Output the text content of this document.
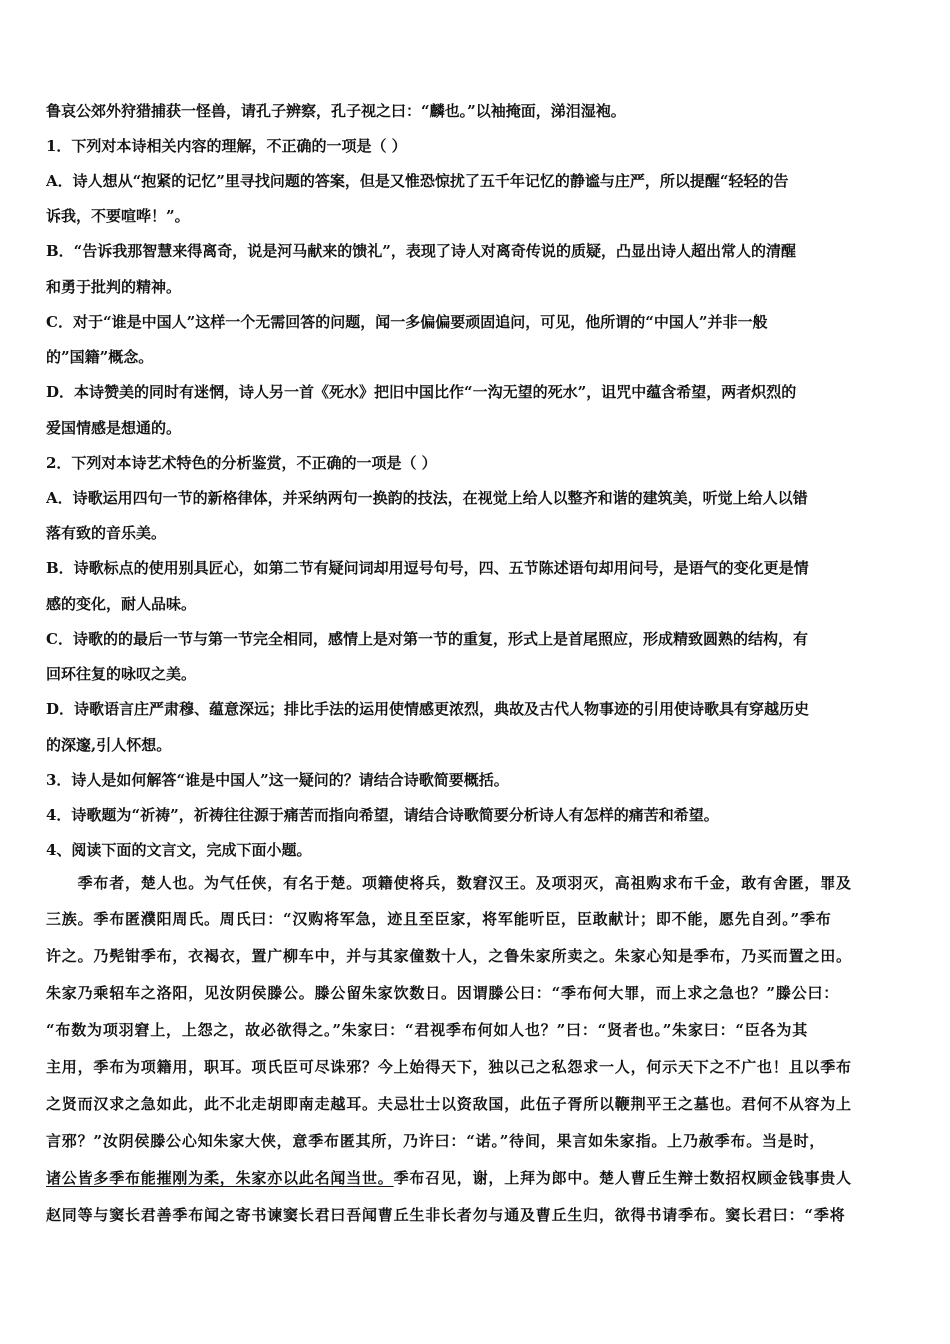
鲁哀公郊外狩猎捕获一怪兽，请孔子辨察，孔子视之曰：“麟也。”以袖掩面，涕泪湿袍。
1．下列对本诗相关内容的理解，不正确的一项是（ ）
A．诗人想从“抱紧的记忆”里寻找问题的答案，但是又惟恐惊扰了五千年记忆的静谧与庄严，所以提醒“轻轻的告
诉我，不要喧哗！”。
B．“告诉我那智慧来得离奇，说是河马献来的馈礼”，表现了诗人对离奇传说的质疑，凸显出诗人超出常人的清醒
和勇于批判的精神。
C．对于“谁是中国人”这样一个无需回答的问题，闻一多偏偏要顽固追问，可见，他所谓的“中国人”并非一般
的”国籍”概念。
D．本诗赞美的同时有迷惘，诗人另一首《死水》把旧中国比作“一沟无望的死水”，诅咒中蕴含希望，两者炽烈的
爱国情感是想通的。
2．下列对本诗艺术特色的分析鉴赏，不正确的一项是（ ）
A．诗歌运用四句一节的新格律体，并采纳两句一换韵的技法，在视觉上给人以整齐和谐的建筑美，听觉上给人以错
落有致的音乐美。
B．诗歌标点的使用别具匠心，如第二节有疑问词却用逗号句号，四、五节陈述语句却用问号，是语气的变化更是情
感的变化，耐人品味。
C．诗歌的的最后一节与第一节完全相同，感情上是对第一节的重复，形式上是首尾照应，形成精致圆熟的结构，有
回环往复的咏叹之美。
D．诗歌语言庄严肃穆、蕴意深远；排比手法的运用使情感更浓烈，典故及古代人物事迹的引用使诗歌具有穿越历史
的深邃,引人怀想。
3．诗人是如何解答“谁是中国人”这一疑问的？请结合诗歌简要概括。
4．诗歌题为“祈祷”，祈祷往往源于痛苦而指向希望，请结合诗歌简要分析诗人有怎样的痛苦和希望。
4、阅读下面的文言文，完成下面小题。
　　季布者，楚人也。为气任侠，有名于楚。项籍使将兵，数窘汉王。及项羽灭，高祖购求布千金，敢有舍匿，罪及
三族。季布匿濮阳周氏。周氏曰：“汉购将军急，迹且至臣家，将军能听臣，臣敢献计；即不能，愿先自刭。”季布
许之。乃髡钳季布，衣褐衣，置广柳车中，并与其家僮数十人，之鲁朱家所卖之。朱家心知是季布，乃买而置之田。
朱家乃乘轺车之洛阳，见汝阴侯滕公。滕公留朱家饮数日。因谓滕公曰：“季布何大罪，而上求之急也？”滕公曰：
“布数为项羽窘上，上怨之，故必欲得之。”朱家曰：“君视季布何如人也？”曰：“贤者也。”朱家曰：“臣各为其
主用，季布为项籍用，职耳。项氏臣可尽诛邪？今上始得天下，独以己之私怨求一人，何示天下之不广也！且以季布
之贤而汉求之急如此，此不北走胡即南走越耳。夫忌壮士以资敌国，此伍子胥所以鞭荆平王之墓也。君何不从容为上
言邪？”汝阴侯滕公心知朱家大侠，意季布匿其所，乃许曰：“诺。”待间，果言如朱家指。上乃赦季布。当是时，
诸公皆多季布能摧刚为柔，朱家亦以此名闻当世。季布召见，谢，上拜为郎中。楚人曹丘生辩士数招权顾金钱事贵人
赵同等与窦长君善季布闻之寄书谏窦长君曰吾闻曹丘生非长者勿与通及曹丘生归，欲得书请季布。窦长君曰：“季将
